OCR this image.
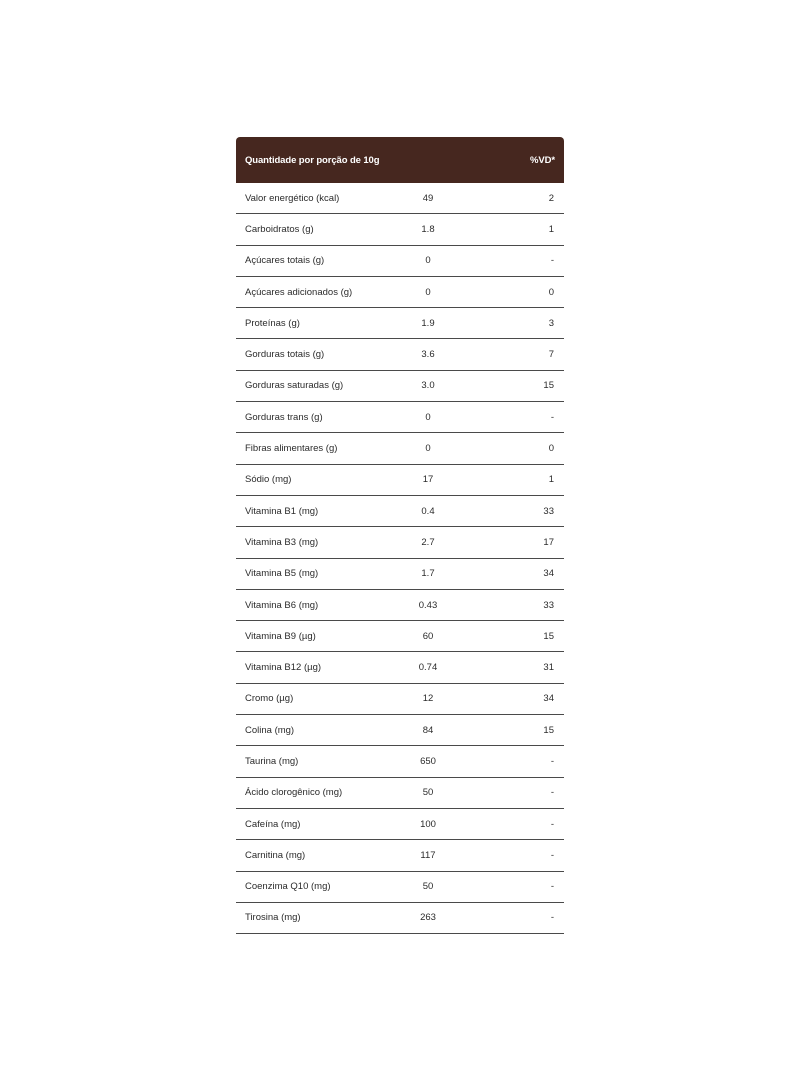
Quantidade por porção de 10g	%VD*
Valor energético (kcal)	49	2
Carboidratos (g)	1.8	1
Açúcares totais (g)	0	-
Açúcares adicionados (g)	0	0
Proteínas (g)	1.9	3
Gorduras totais (g)	3.6	7
Gorduras saturadas (g)	3.0	15
Gorduras trans (g)	0	-
Fibras alimentares (g)	0	0
Sódio (mg)	17	1
Vitamina B1 (mg)	0.4	33
Vitamina B3 (mg)	2.7	17
Vitamina B5 (mg)	1.7	34
Vitamina B6 (mg)	0.43	33
Vitamina B9 (µg)	60	15
Vitamina B12 (µg)	0.74	31
Cromo (µg)	12	34
Colina (mg)	84	15
Taurina (mg)	650	-
Ácido clorogênico (mg)	50	-
Cafeína (mg)	100	-
Carnitina (mg)	117	-
Coenzima Q10 (mg)	50	-
Tirosina (mg)	263	-
